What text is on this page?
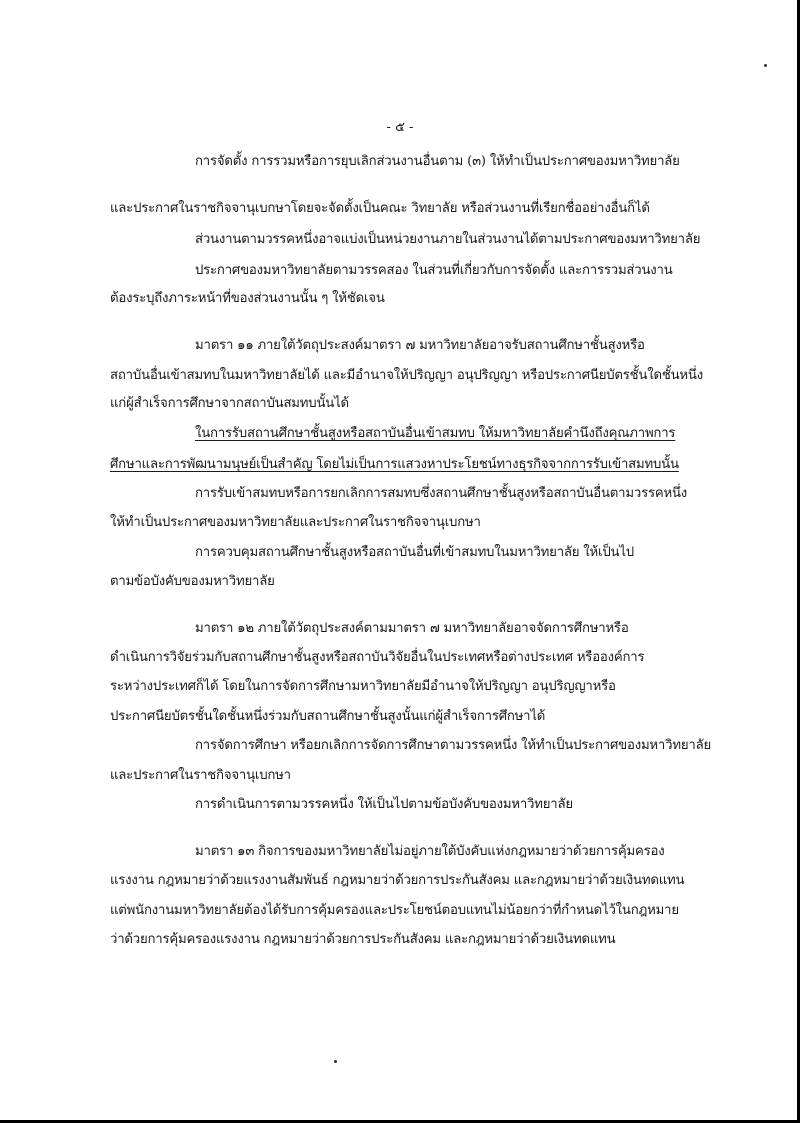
- ๕ -
การจัดตั้ง การรวมหรือการยุบเลิกส่วนงานอื่นตาม (๓) ให้ทำเป็นประกาศของมหาวิทยาลัย
และประกาศในราชกิจจานุเบกษาโดยจะจัดตั้งเป็นคณะ วิทยาลัย หรือส่วนงานที่เรียกชื่ออย่างอื่นก็ได้
ส่วนงานตามวรรคหนึ่งอาจแบ่งเป็นหน่วยงานภายในส่วนงานได้ตามประกาศของมหาวิทยาลัย
ประกาศของมหาวิทยาลัยตามวรรคสอง ในส่วนที่เกี่ยวกับการจัดตั้ง และการรวมส่วนงาน
ต้องระบุถึงภาระหน้าที่ของส่วนงานนั้น ๆ ให้ชัดเจน
มาตรา ๑๑ ภายใต้วัตถุประสงค์มาตรา ๗ มหาวิทยาลัยอาจรับสถานศึกษาชั้นสูงหรือ
สถาบันอื่นเข้าสมทบในมหาวิทยาลัยได้ และมีอำนาจให้ปริญญา อนุปริญญา หรือประกาศนียบัตรชั้นใดชั้นหนึ่ง
แก่ผู้สำเร็จการศึกษาจากสถาบันสมทบนั้นได้
ในการรับสถานศึกษาชั้นสูงหรือสถาบันอื่นเข้าสมทบ ให้มหาวิทยาลัยคำนึงถึงคุณภาพการ
ศึกษาและการพัฒนามนุษย์เป็นสำคัญ โดยไม่เป็นการแสวงหาประโยชน์ทางธุรกิจจากการรับเข้าสมทบนั้น
การรับเข้าสมทบหรือการยกเลิกการสมทบซึ่งสถานศึกษาชั้นสูงหรือสถาบันอื่นตามวรรคหนึ่ง
ให้ทำเป็นประกาศของมหาวิทยาลัยและประกาศในราชกิจจานุเบกษา
การควบคุมสถานศึกษาชั้นสูงหรือสถาบันอื่นที่เข้าสมทบในมหาวิทยาลัย ให้เป็นไป
ตามข้อบังคับของมหาวิทยาลัย
มาตรา ๑๒ ภายใต้วัตถุประสงค์ตามมาตรา ๗ มหาวิทยาลัยอาจจัดการศึกษาหรือ
ดำเนินการวิจัยร่วมกับสถานศึกษาชั้นสูงหรือสถาบันวิจัยอื่นในประเทศหรือต่างประเทศ หรือองค์การ
ระหว่างประเทศก็ได้ โดยในการจัดการศึกษามหาวิทยาลัยมีอำนาจให้ปริญญา อนุปริญญาหรือ
ประกาศนียบัตรชั้นใดชั้นหนึ่งร่วมกับสถานศึกษาชั้นสูงนั้นแก่ผู้สำเร็จการศึกษาได้
การจัดการศึกษา หรือยกเลิกการจัดการศึกษาตามวรรคหนึ่ง ให้ทำเป็นประกาศของมหาวิทยาลัย
และประกาศในราชกิจจานุเบกษา
การดำเนินการตามวรรคหนึ่ง ให้เป็นไปตามข้อบังคับของมหาวิทยาลัย
มาตรา ๑๓ กิจการของมหาวิทยาลัยไม่อยู่ภายใต้บังคับแห่งกฎหมายว่าด้วยการคุ้มครอง
แรงงาน กฎหมายว่าด้วยแรงงานสัมพันธ์ กฎหมายว่าด้วยการประกันสังคม และกฎหมายว่าด้วยเงินทดแทน
แต่พนักงานมหาวิทยาลัยต้องได้รับการคุ้มครองและประโยชน์ตอบแทนไม่น้อยกว่าที่กำหนดไว้ในกฎหมาย
ว่าด้วยการคุ้มครองแรงงาน กฎหมายว่าด้วยการประกันสังคม และกฎหมายว่าด้วยเงินทดแทน
